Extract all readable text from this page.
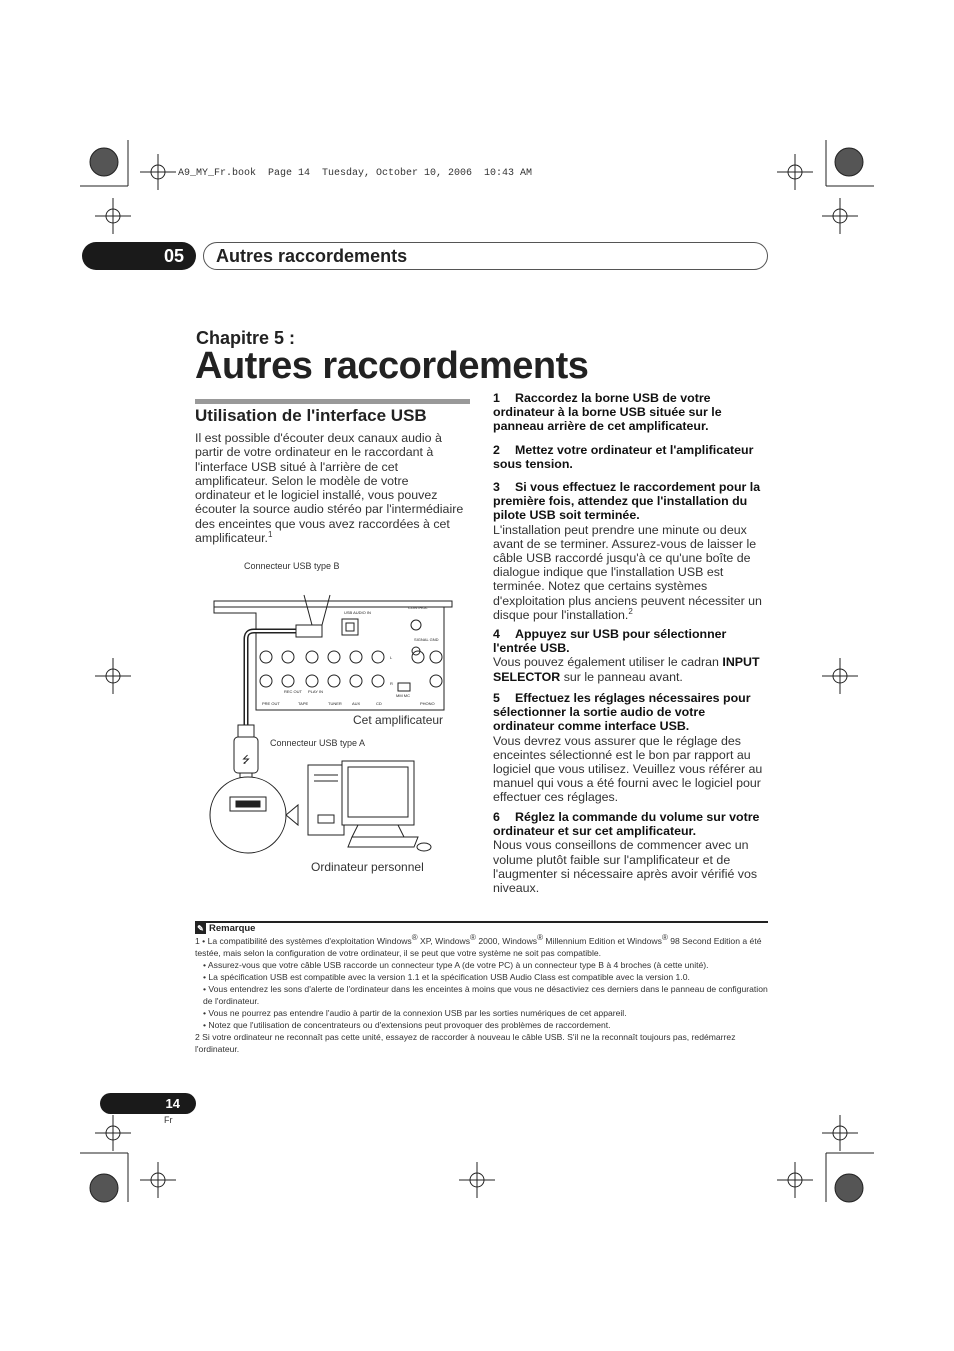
A9_MY_Fr.book  Page 14  Tuesday, October 10, 2006  10:43 AM
05	Autres raccordements
Chapitre 5 :
Autres raccordements
Utilisation de l'interface USB
Il est possible d'écouter deux canaux audio à partir de votre ordinateur en le raccordant à l'interface USB situé à l'arrière de cet amplificateur. Selon le modèle de votre ordinateur et le logiciel installé, vous pouvez écouter la source audio stéréo par l'intermédiaire des enceintes que vous avez raccordées à cet amplificateur.$^1$
Connecteur USB type B
⭍
USB AUDIO IN
CONTROL
SIGNAL GND
PRE OUT
REC OUT PLAY IN
TAPE	TUNER	AUX	CD	PHONO
MM MC
L
R
Cet amplificateur
Connecteur USB type A
Ordinateur personnel
1 Raccordez la borne USB de votre ordinateur à la borne USB située sur le panneau arrière de cet amplificateur.
2 Mettez votre ordinateur et l'amplificateur sous tension.
3 Si vous effectuez le raccordement pour la première fois, attendez que l'installation du pilote USB soit terminée.
L'installation peut prendre une minute ou deux avant de se terminer. Assurez-vous de laisser le câble USB raccordé jusqu'à ce qu'une boîte de dialogue indique que l'installation USB est terminée. Notez que certains systèmes d'exploitation plus anciens peuvent nécessiter un disque pour l'installation.$^2$
4 Appuyez sur USB pour sélectionner l'entrée USB.
Vous pouvez également utiliser le cadran INPUT SELECTOR sur le panneau avant.
5 Effectuez les réglages nécessaires pour sélectionner la sortie audio de votre ordinateur comme interface USB.
Vous devrez vous assurer que le réglage des enceintes sélectionné est le bon par rapport au logiciel que vous utilisez. Veuillez vous référer au manuel qui vous a été fourni avec le logiciel pour effectuer ces réglages.
6 Réglez la commande du volume sur votre ordinateur et sur cet amplificateur.
Nous vous conseillons de commencer avec un volume plutôt faible sur l'amplificateur et de l'augmenter si nécessaire après avoir vérifié vos niveaux.
✎ Remarque

1 • La compatibilité des systèmes d'exploitation Windows® XP, Windows® 2000, Windows® Millennium Edition et Windows® 98 Second Edition a été testée, mais selon la configuration de votre ordinateur, il se peut que votre système ne soit pas compatible.

• Assurez-vous que votre câble USB raccorde un connecteur type A (de votre PC) à un connecteur type B à 4 broches (à cette unité).

• La spécification USB est compatible avec la version 1.1 et la spécification USB Audio Class est compatible avec la version 1.0.

• Vous entendrez les sons d'alerte de l'ordinateur dans les enceintes à moins que vous ne désactiviez ces derniers dans le panneau de configuration de l'ordinateur.

• Vous ne pourrez pas entendre l'audio à partir de la connexion USB par les sorties numériques de cet appareil.

• Notez que l'utilisation de concentrateurs ou d'extensions peut provoquer des problèmes de raccordement.

2 Si votre ordinateur ne reconnaît pas cette unité, essayez de raccorder à nouveau le câble USB. S'il ne la reconnaît toujours pas, redémarrez l'ordinateur.

14
Fr
